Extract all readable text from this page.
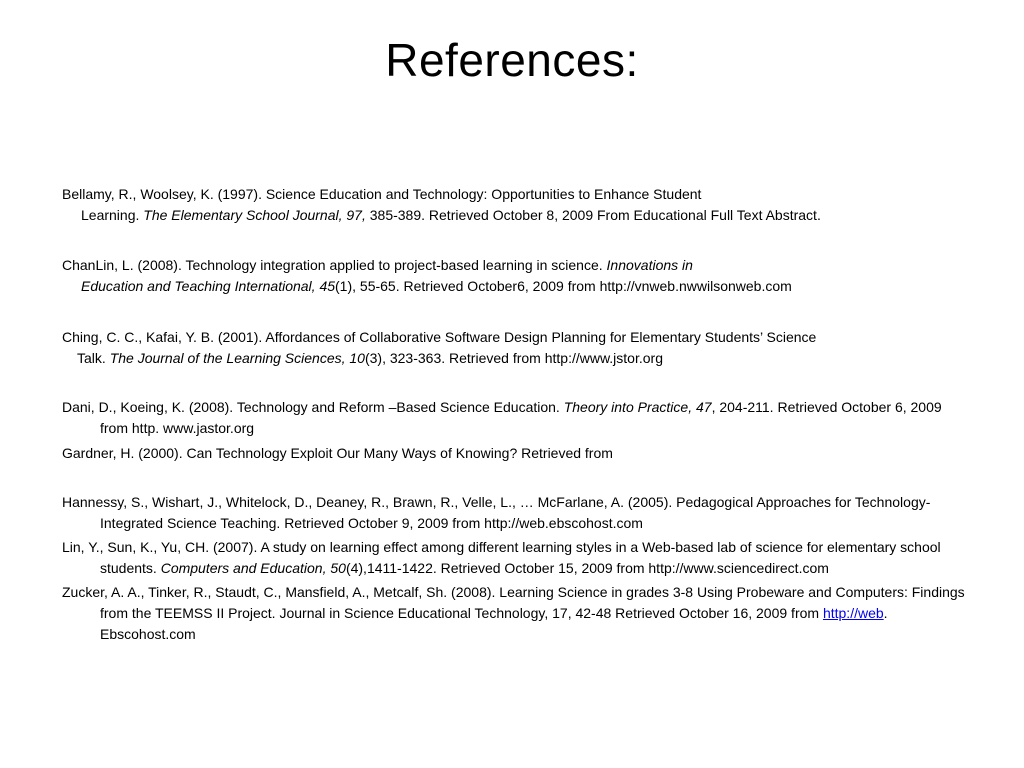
References:
Bellamy, R., Woolsey, K. (1997). Science Education and Technology: Opportunities to Enhance Student
Learning. The Elementary School Journal, 97, 385-389. Retrieved October 8, 2009 From Educational Full Text Abstract.
ChanLin, L. (2008). Technology integration applied to project-based learning in science. Innovations in
Education and Teaching International, 45(1), 55-65. Retrieved October6, 2009 from http://vnweb.nwwilsonweb.com
Ching, C. C., Kafai, Y. B. (2001). Affordances of Collaborative Software Design Planning for Elementary Students’ Science
Talk. The Journal of the Learning Sciences, 10(3), 323-363. Retrieved from http://www.jstor.org
Dani, D., Koeing, K. (2008). Technology and Reform –Based Science Education. Theory into Practice, 47, 204-211. Retrieved October 6, 2009 from http. www.jastor.org
Gardner, H. (2000). Can Technology Exploit Our Many Ways of Knowing? Retrieved from
Hannessy, S., Wishart, J., Whitelock, D., Deaney, R., Brawn, R., Velle, L., … McFarlane, A. (2005). Pedagogical Approaches for Technology-Integrated Science Teaching. Retrieved October 9, 2009 from http://web.ebscohost.com
Lin, Y., Sun, K., Yu, CH. (2007). A study on learning effect among different learning styles in a Web-based lab of science for elementary school students. Computers and Education, 50(4),1411-1422. Retrieved October 15, 2009 from http://www.sciencedirect.com
Zucker, A. A., Tinker, R., Staudt, C., Mansfield, A., Metcalf, Sh. (2008). Learning Science in grades 3-8 Using Probeware and Computers: Findings from the TEEMSS II Project. Journal in Science Educational Technology, 17, 42-48 Retrieved October 16, 2009 from http://web. Ebscohost.com
